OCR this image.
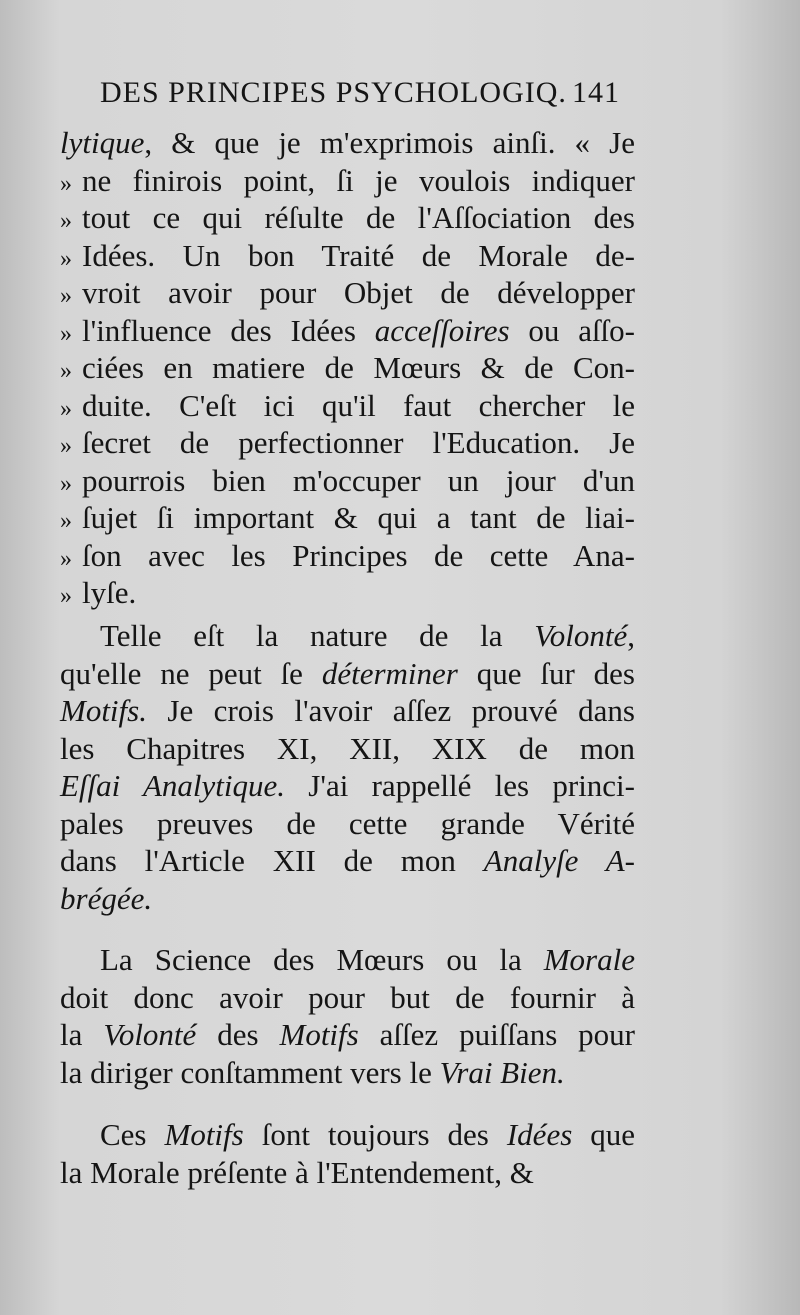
DES PRINCIPES PSYCHOLOGIQ. 141
lytique, & que je m'exprimois ainſi. « Je
» ne finirois point, ſi je voulois indiquer
» tout ce qui réſulte de l'Aſſociation des
» Idées. Un bon Traité de Morale de-
» vroit avoir pour Objet de développer
» l'influence des Idées acceſſoires ou aſſo-
» ciées en matiere de Mœurs & de Con-
» duite. C'eſt ici qu'il faut chercher le
» ſecret de perfectionner l'Education. Je
» pourrois bien m'occuper un jour d'un
» ſujet ſi important & qui a tant de liai-
» ſon avec les Principes de cette Ana-
» lyſe.
Telle eſt la nature de la Volonté,
qu'elle ne peut ſe déterminer que ſur des
Motifs. Je crois l'avoir aſſez prouvé dans
les Chapitres XI, XII, XIX de mon
Eſſai Analytique. J'ai rappellé les princi-
pales preuves de cette grande Vérité
dans l'Article XII de mon Analyſe A-
brégée.
La Science des Mœurs ou la Morale
doit donc avoir pour but de fournir à
la Volonté des Motifs aſſez puiſſans pour
la diriger conſtamment vers le Vrai Bien.
Ces Motifs ſont toujours des Idées que
la Morale préſente à l'Entendement, &
